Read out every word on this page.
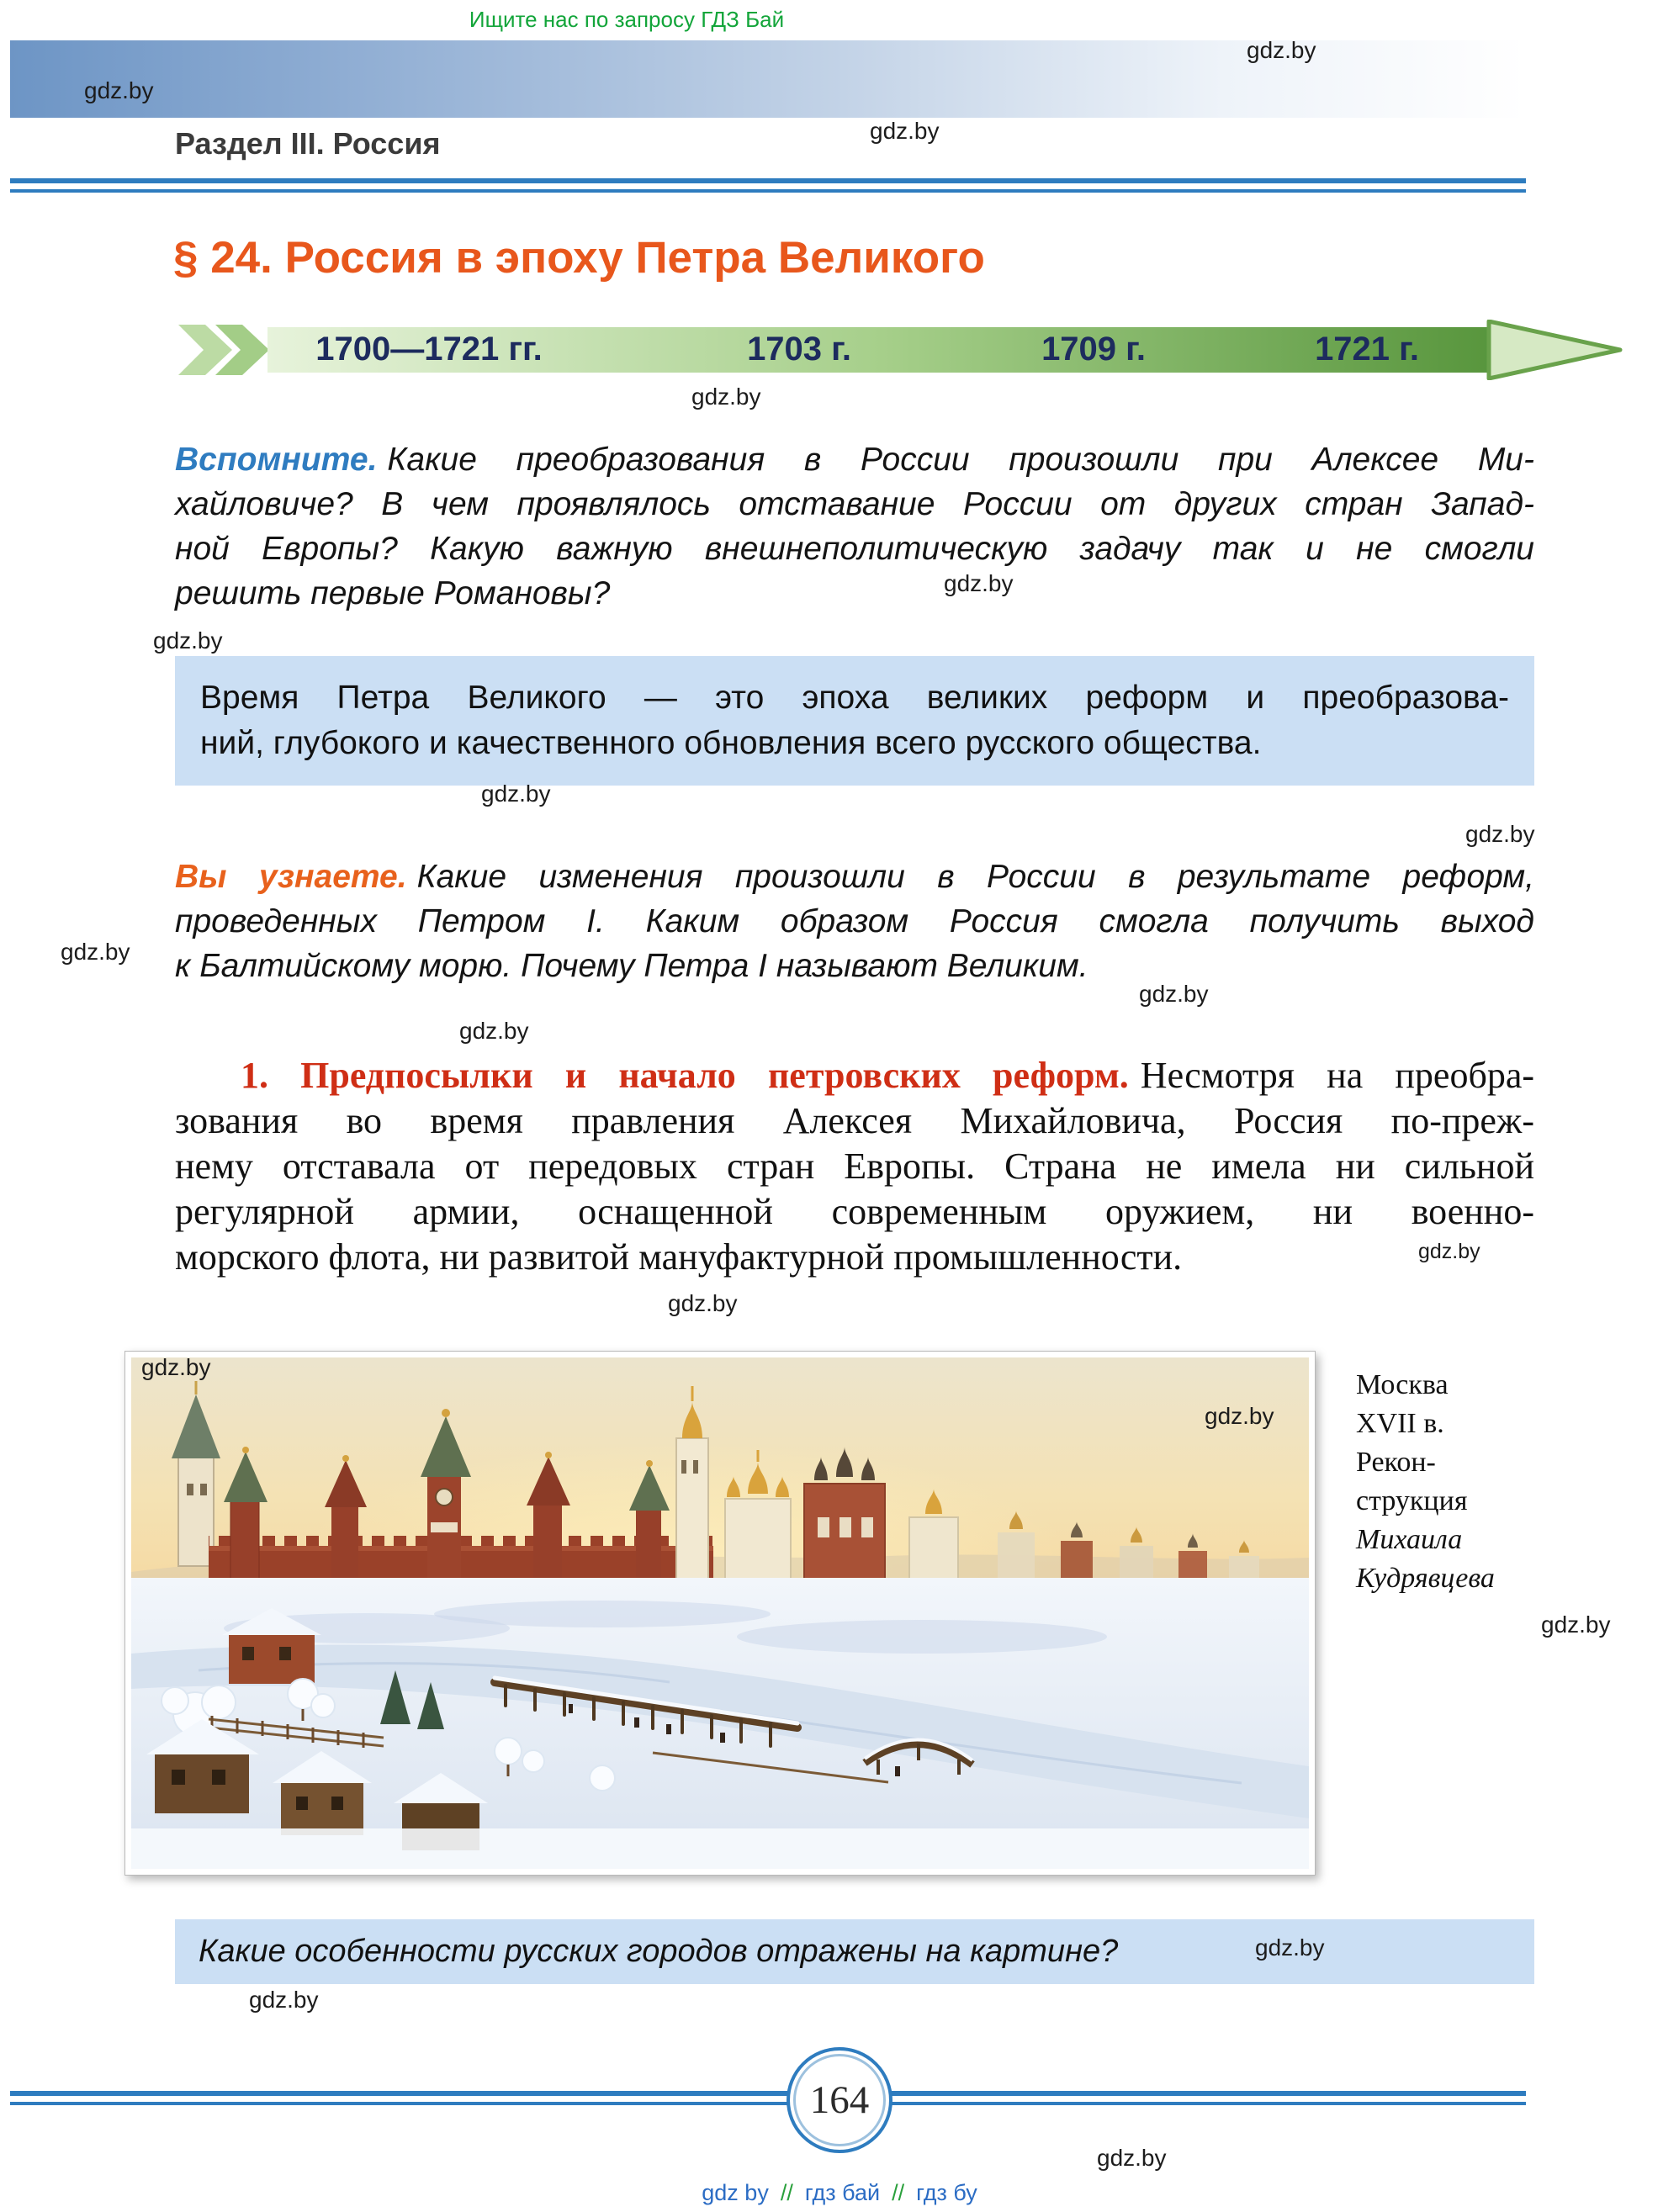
Ищите нас по запросу ГДЗ Бай
Раздел III. Россия
§ 24. Россия в эпоху Петра Великого
1700—1721 гг.	1703 г.	1709 г.	1721 г.
Вспомните. Какие преобразования в России произошли при Алексее Ми-
хайловиче? В чем проявлялось отставание России от других стран Запад-
ной Европы? Какую важную внешнеполитическую задачу так и не смогли
решить первые Романовы?
Время Петра Великого — это эпоха великих реформ и преобразова-
ний, глубокого и качественного обновления всего русского общества.
Вы узнаете. Какие изменения произошли в России в результате реформ,
проведенных Петром I. Каким образом Россия смогла получить выход
к Балтийскому морю. Почему Петра I называют Великим.
1. Предпосылки и начало петровских реформ. Несмотря на преобра-
зования во время правления Алексея Михайловича, Россия по-преж-
нему отставала от передовых стран Европы. Страна не имела ни сильной
регулярной армии, оснащенной современным оружием, ни военно-
морского флота, ни развитой мануфактурной промышленности.
Москва
XVII в.
Рекон-
струкция
Михаила
Кудрявцева
Какие особенности русских городов отражены на картине?
164
gdz by // гдз бай // гдз бу
gdz.by
gdz.by
gdz.by
gdz.by
gdz.by
gdz.by
gdz.by
gdz.by
gdz.by
gdz.by
gdz.by
gdz.by
gdz.by
gdz.by
gdz.by
gdz.by
gdz.by
gdz.by
gdz.by
